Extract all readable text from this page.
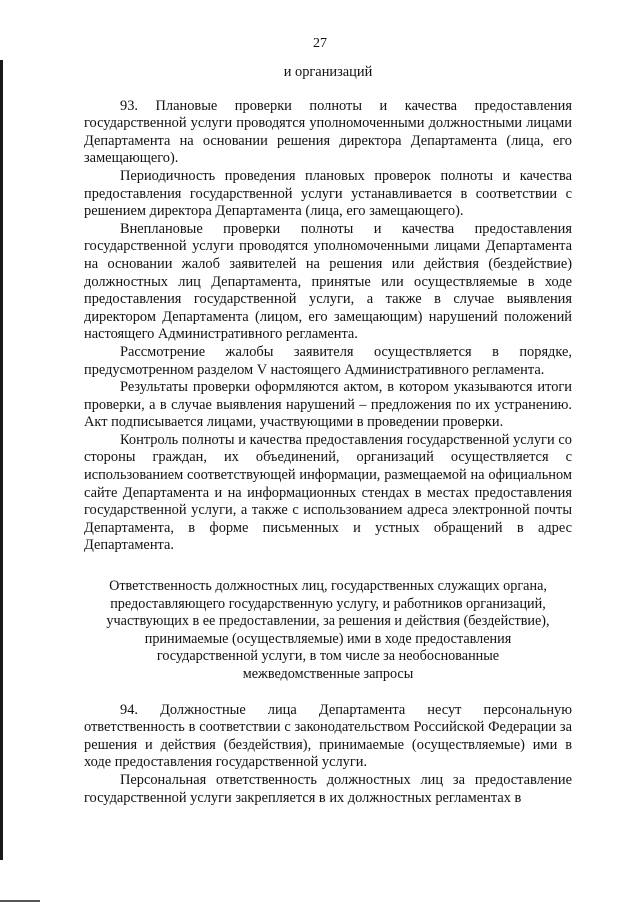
27

и организаций

93. Плановые проверки полноты и качества предоставления государственной услуги проводятся уполномоченными должностными лицами Департамента на основании решения директора Департамента (лица, его замещающего).

Периодичность проведения плановых проверок полноты и качества предоставления государственной услуги устанавливается в соответствии с решением директора Департамента (лица, его замещающего).

Внеплановые проверки полноты и качества предоставления государственной услуги проводятся уполномоченными лицами Департамента на основании жалоб заявителей на решения или действия (бездействие) должностных лиц Департамента, принятые или осуществляемые в ходе предоставления государственной услуги, а также в случае выявления директором Департамента (лицом, его замещающим) нарушений положений настоящего Административного регламента.

Рассмотрение жалобы заявителя осуществляется в порядке, предусмотренном разделом V настоящего Административного регламента.

Результаты проверки оформляются актом, в котором указываются итоги проверки, а в случае выявления нарушений – предложения по их устранению. Акт подписывается лицами, участвующими в проведении проверки.

Контроль полноты и качества предоставления государственной услуги со стороны граждан, их объединений, организаций осуществляется с использованием соответствующей информации, размещаемой на официальном сайте Департамента и на информационных стендах в местах предоставления государственной услуги, а также с использованием адреса электронной почты Департамента, в форме письменных и устных обращений в адрес Департамента.

Ответственность должностных лиц, государственных служащих органа,
предоставляющего государственную услугу, и работников организаций,
участвующих в ее предоставлении, за решения и действия (бездействие),
принимаемые (осуществляемые) ими в ходе предоставления
государственной услуги, в том числе за необоснованные
межведомственные запросы

94. Должностные лица Департамента несут персональную ответственность в соответствии с законодательством Российской Федерации за решения и действия (бездействия), принимаемые (осуществляемые) ими в ходе предоставления государственной услуги.

Персональная ответственность должностных лиц за предоставление государственной услуги закрепляется в их должностных регламентах в
